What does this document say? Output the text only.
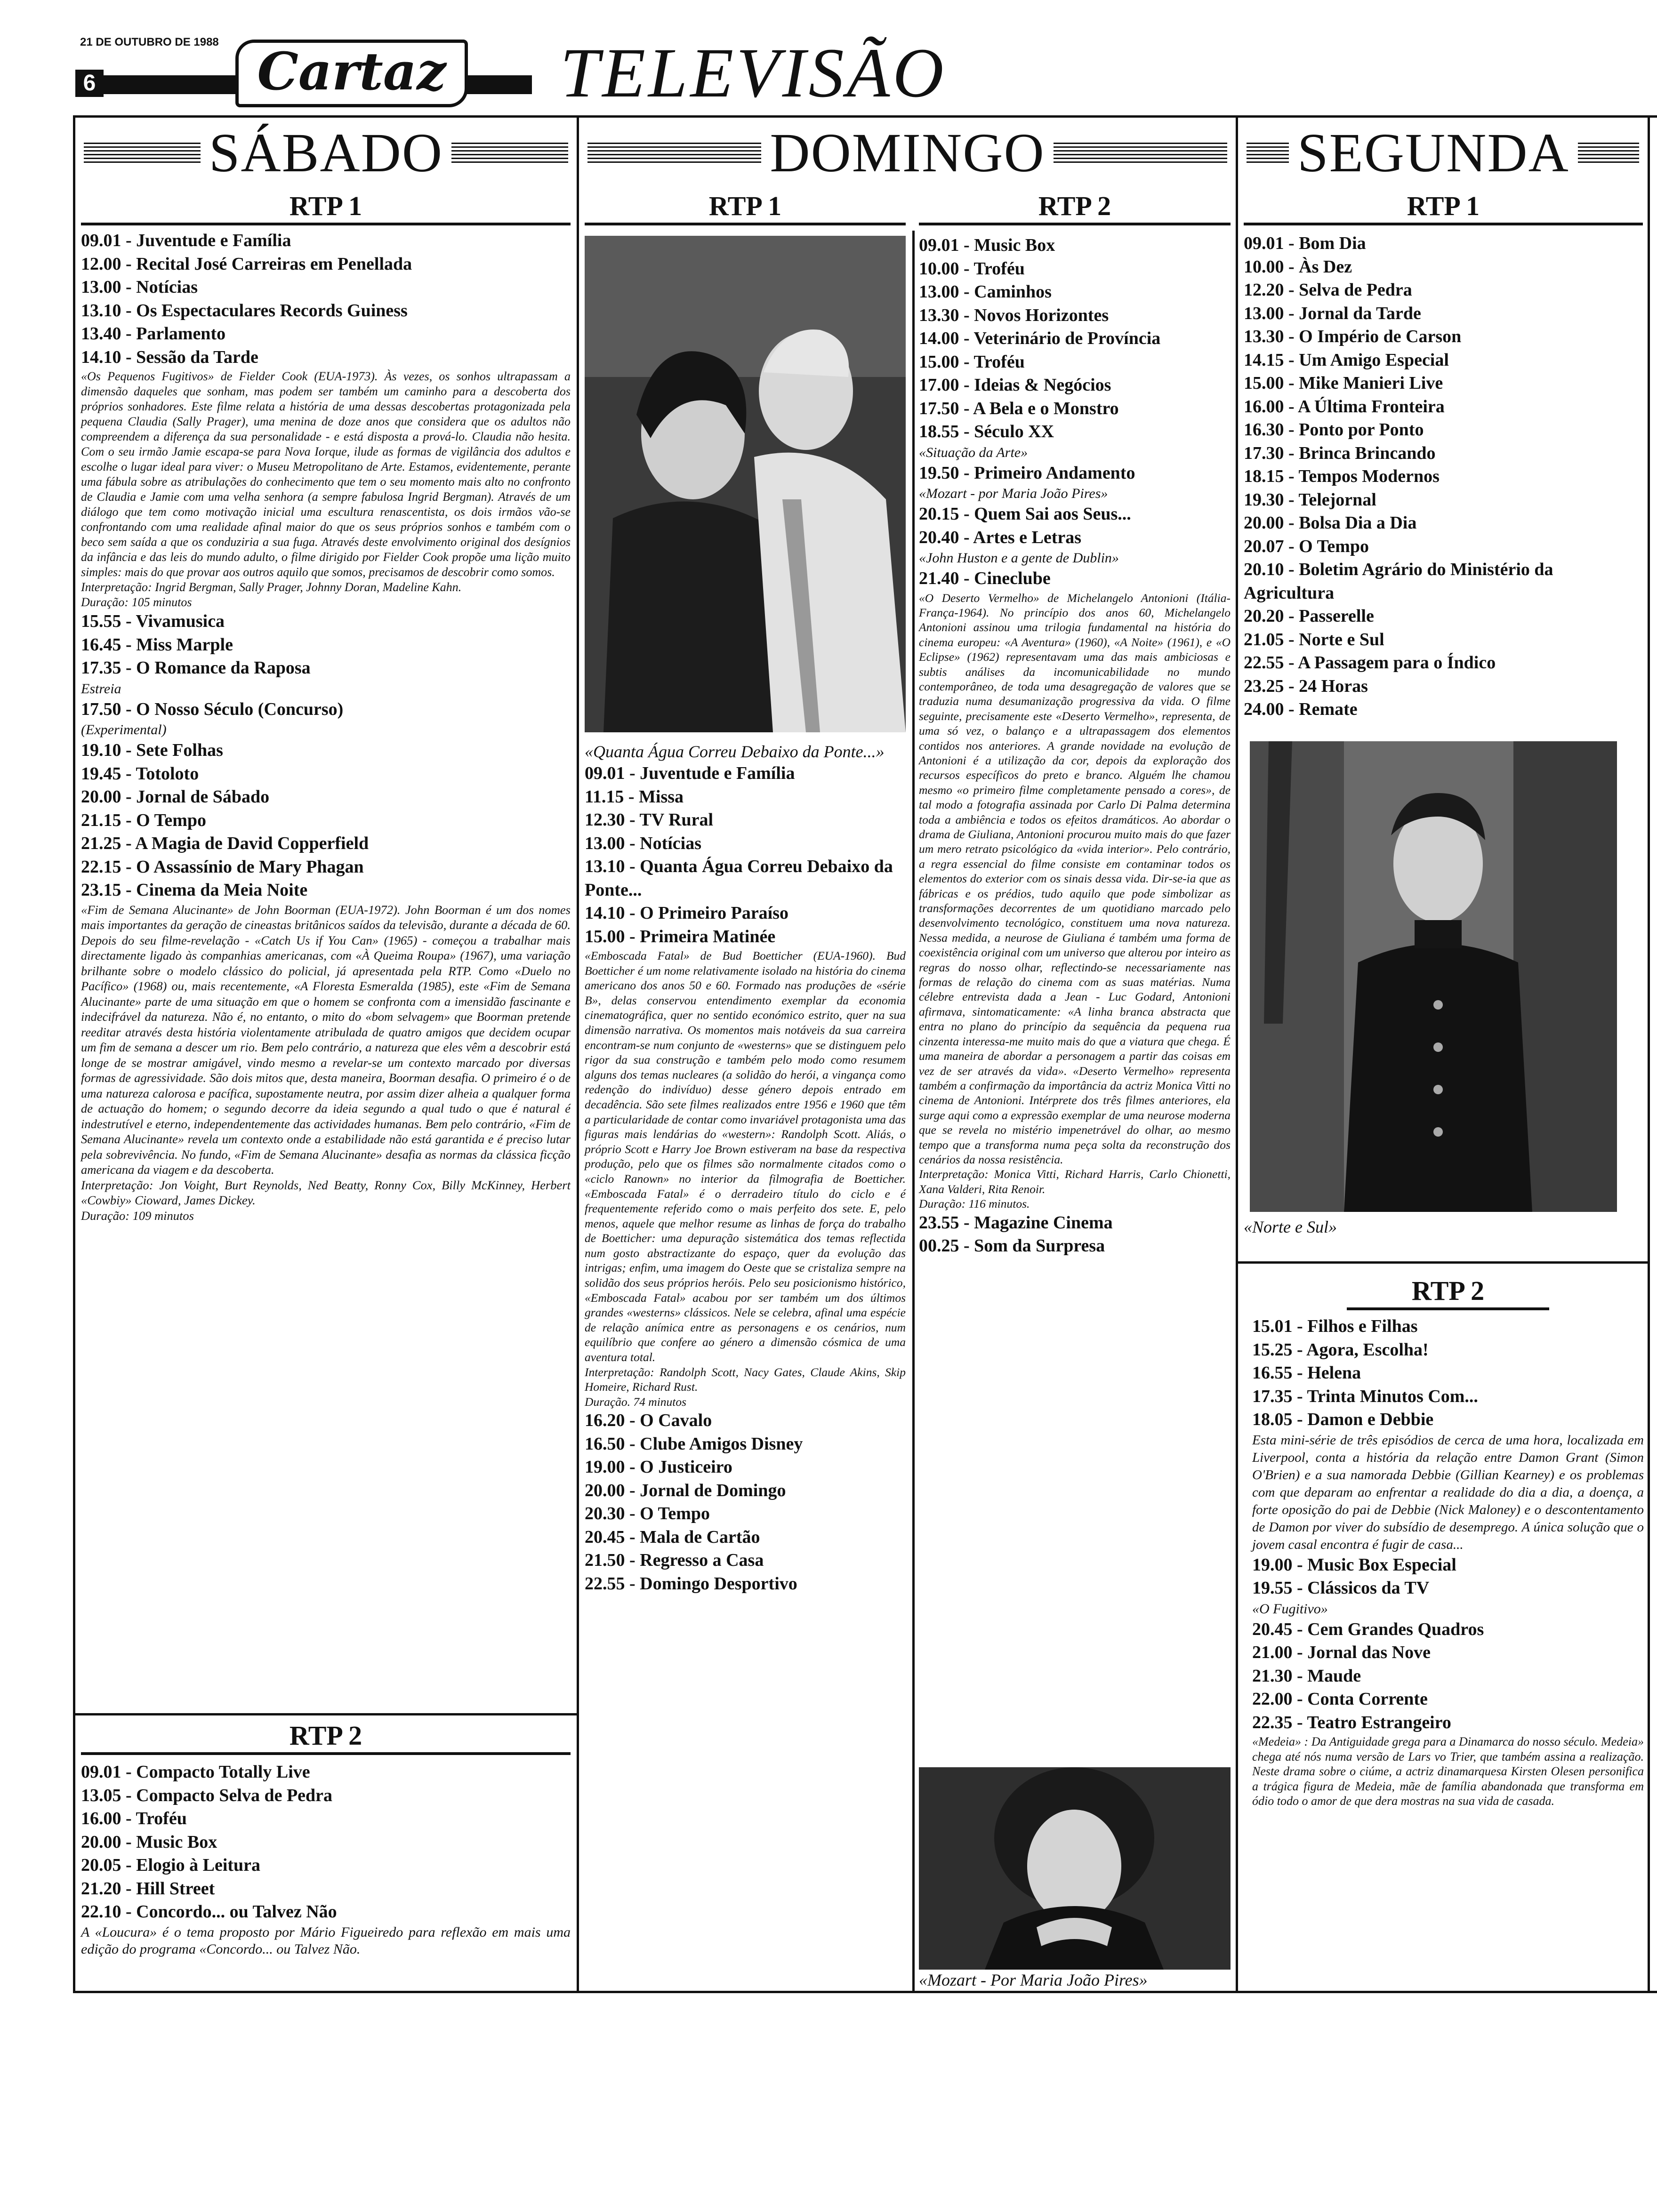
21 DE OUTUBRO DE 1988
6	Cartaz	TELEVISÃO
SÁBADO	DOMINGO	SEGUNDA
RTP 1
09.01 - Juventude e Família
12.00 - Recital José Carreiras em Penellada
13.00 - Notícias
13.10 - Os Espectaculares Records Guiness
13.40 - Parlamento
14.10 - Sessão da Tarde
«Os Pequenos Fugitivos» de Fielder Cook (EUA-1973). Às vezes, os sonhos ultrapassam a dimensão daqueles que sonham, mas podem ser também um caminho para a descoberta dos próprios sonhadores. Este filme relata a história de uma dessas descobertas protagonizada pela pequena Claudia (Sally Prager), uma menina de doze anos que considera que os adultos não compreendem a diferença da sua personalidade - e está disposta a prová-lo. Claudia não hesita. Com o seu irmão Jamie escapa-se para Nova Iorque, ilude as formas de vigilância dos adultos e escolhe o lugar ideal para viver: o Museu Metropolitano de Arte. Estamos, evidentemente, perante uma fábula sobre as atribulações do conhecimento que tem o seu momento mais alto no confronto de Claudia e Jamie com uma velha senhora (a sempre fabulosa Ingrid Bergman). Através de um diálogo que tem como motivação inicial uma escultura renascentista, os dois irmãos vão-se confrontando com uma realidade afinal maior do que os seus próprios sonhos e também com o beco sem saída a que os conduziria a sua fuga. Através deste envolvimento original dos desígnios da infância e das leis do mundo adulto, o filme dirigido por Fielder Cook propõe uma lição muito simples: mais do que provar aos outros aquilo que somos, precisamos de descobrir como somos.
Interpretação: Ingrid Bergman, Sally Prager, Johnny Doran, Madeline Kahn.
Duração: 105 minutos
15.55 - Vivamusica
16.45 - Miss Marple
17.35 - O Romance da Raposa
Estreia
17.50 - O Nosso Século (Concurso)
(Experimental)
19.10 - Sete Folhas
19.45 - Totoloto
20.00 - Jornal de Sábado
21.15 - O Tempo
21.25 - A Magia de David Copperfield
22.15 - O Assassínio de Mary Phagan
23.15 - Cinema da Meia Noite
«Fim de Semana Alucinante» de John Boorman (EUA-1972). John Boorman é um dos nomes mais importantes da geração de cineastas britânicos saídos da televisão, durante a década de 60. Depois do seu filme-revelação - «Catch Us if You Can» (1965) - começou a trabalhar mais directamente ligado às companhias americanas, com «À Queima Roupa» (1967), uma variação brilhante sobre o modelo clássico do policial, já apresentada pela RTP. Como «Duelo no Pacífico» (1968) ou, mais recentemente, «A Floresta Esmeralda (1985), este «Fim de Semana Alucinante» parte de uma situação em que o homem se confronta com a imensidão fascinante e indecifrável da natureza. Não é, no entanto, o mito do «bom selvagem» que Boorman pretende reeditar através desta história violentamente atribulada de quatro amigos que decidem ocupar um fim de semana a descer um rio. Bem pelo contrário, a natureza que eles vêm a descobrir está longe de se mostrar amigável, vindo mesmo a revelar-se um contexto marcado por diversas formas de agressividade. São dois mitos que, desta maneira, Boorman desafia. O primeiro é o de uma natureza calorosa e pacífica, supostamente neutra, por assim dizer alheia a qualquer forma de actuação do homem; o segundo decorre da ideia segundo a qual tudo o que é natural é indestrutível e eterno, independentemente das actividades humanas. Bem pelo contrário, «Fim de Semana Alucinante» revela um contexto onde a estabilidade não está garantida e é preciso lutar pela sobrevivência. No fundo, «Fim de Semana Alucinante» desafia as normas da clássica ficção americana da viagem e da descoberta.
Interpretação: Jon Voight, Burt Reynolds, Ned Beatty, Ronny Cox, Billy McKinney, Herbert «Cowbiy» Cioward, James Dickey.
Duração: 109 minutos
RTP 2
09.01 - Compacto Totally Live
13.05 - Compacto Selva de Pedra
16.00 - Troféu
20.00 - Music Box
20.05 - Elogio à Leitura
21.20 - Hill Street
22.10 - Concordo... ou Talvez Não
A «Loucura» é o tema proposto por Mário Figueiredo para reflexão em mais uma edição do programa «Concordo... ou Talvez Não.
RTP 1
«Quanta Água Correu Debaixo da Ponte...»
09.01 - Juventude e Família
11.15 - Missa
12.30 - TV Rural
13.00 - Notícias
13.10 - Quanta Água Correu Debaixo da Ponte...
14.10 - O Primeiro Paraíso
15.00 - Primeira Matinée
«Emboscada Fatal» de Bud Boetticher (EUA-1960). Bud Boetticher é um nome relativamente isolado na história do cinema americano dos anos 50 e 60. Formado nas produções de «série B», delas conservou entendimento exemplar da economia cinematográfica, quer no sentido económico estrito, quer na sua dimensão narrativa. Os momentos mais notáveis da sua carreira encontram-se num conjunto de «westerns» que se distinguem pelo rigor da sua construção e também pelo modo como resumem alguns dos temas nucleares (a solidão do herói, a vingança como redenção do indivíduo) desse género depois entrado em decadência. São sete filmes realizados entre 1956 e 1960 que têm a particularidade de contar como invariável protagonista uma das figuras mais lendárias do «western»: Randolph Scott. Aliás, o próprio Scott e Harry Joe Brown estiveram na base da respectiva produção, pelo que os filmes são normalmente citados como o «ciclo Ranown» no interior da filmografia de Boetticher. «Emboscada Fatal» é o derradeiro título do ciclo e é frequentemente referido como o mais perfeito dos sete. E, pelo menos, aquele que melhor resume as linhas de força do trabalho de Boetticher: uma depuração sistemática dos temas reflectida num gosto abstractizante do espaço, quer da evolução das intrigas; enfim, uma imagem do Oeste que se cristaliza sempre na solidão dos seus próprios heróis. Pelo seu posicionismo histórico, «Emboscada Fatal» acabou por ser também um dos últimos grandes «westerns» clássicos. Nele se celebra, afinal uma espécie de relação anímica entre as personagens e os cenários, num equilíbrio que confere ao género a dimensão cósmica de uma aventura total.
Interpretação: Randolph Scott, Nacy Gates, Claude Akins, Skip Homeire, Richard Rust.
Duração. 74 minutos
16.20 - O Cavalo
16.50 - Clube Amigos Disney
19.00 - O Justiceiro
20.00 - Jornal de Domingo
20.30 - O Tempo
20.45 - Mala de Cartão
21.50 - Regresso a Casa
22.55 - Domingo Desportivo
RTP 2
09.01 - Music Box
10.00 - Troféu
13.00 - Caminhos
13.30 - Novos Horizontes
14.00 - Veterinário de Província
15.00 - Troféu
17.00 - Ideias & Negócios
17.50 - A Bela e o Monstro
18.55 - Século XX
«Situação da Arte»
19.50 - Primeiro Andamento
«Mozart - por Maria João Pires»
20.15 - Quem Sai aos Seus...
20.40 - Artes e Letras
«John Huston e a gente de Dublin»
21.40 - Cineclube
«O Deserto Vermelho» de Michelangelo Antonioni (Itália- França-1964). No princípio dos anos 60, Michelangelo Antonioni assinou uma trilogia fundamental na história do cinema europeu: «A Aventura» (1960), «A Noite» (1961), e «O Eclipse» (1962) representavam uma das mais ambiciosas e subtis análises da incomunicabilidade no mundo contemporâneo, de toda uma desagregação de valores que se traduzia numa desumanização progressiva da vida. O filme seguinte, precisamente este «Deserto Vermelho», representa, de uma só vez, o balanço e a ultrapassagem dos elementos contidos nos anteriores. A grande novidade na evolução de Antonioni é a utilização da cor, depois da exploração dos recursos específicos do preto e branco. Alguém lhe chamou mesmo «o primeiro filme completamente pensado a cores», de tal modo a fotografia assinada por Carlo Di Palma determina toda a ambiência e todos os efeitos dramáticos. Ao abordar o drama de Giuliana, Antonioni procurou muito mais do que fazer um mero retrato psicológico da «vida interior». Pelo contrário, a regra essencial do filme consiste em contaminar todos os elementos do exterior com os sinais dessa vida. Dir-se-ia que as fábricas e os prédios, tudo aquilo que pode simbolizar as transformações decorrentes de um quotidiano marcado pelo desenvolvimento tecnológico, constituem uma nova natureza. Nessa medida, a neurose de Giuliana é também uma forma de coexistência original com um universo que alterou por inteiro as regras do nosso olhar, reflectindo-se necessariamente nas formas de relação do cinema com as suas matérias. Numa célebre entrevista dada a Jean - Luc Godard, Antonioni afirmava, sintomaticamente: «A linha branca abstracta que entra no plano do princípio da sequência da pequena rua cinzenta interessa-me muito mais do que a viatura que chega. É uma maneira de abordar a personagem a partir das coisas em vez de ser através da vida». «Deserto Vermelho» representa também a confirmação da importância da actriz Monica Vitti no cinema de Antonioni. Intérprete dos três filmes anteriores, ela surge aqui como a expressão exemplar de uma neurose moderna que se revela no mistério impenetrável do olhar, ao mesmo tempo que a transforma numa peça solta da reconstrução dos cenários da nossa resistência.
Interpretação: Monica Vitti, Richard Harris, Carlo Chionetti, Xana Valderi, Rita Renoir.
Duração: 116 minutos.
23.55 - Magazine Cinema
00.25 - Som da Surpresa
«Mozart - Por Maria João Pires»
RTP 1
09.01 - Bom Dia
10.00 - Às Dez
12.20 - Selva de Pedra
13.00 - Jornal da Tarde
13.30 - O Império de Carson
14.15 - Um Amigo Especial
15.00 - Mike Manieri Live
16.00 - A Última Fronteira
16.30 - Ponto por Ponto
17.30 - Brinca Brincando
18.15 - Tempos Modernos
19.30 - Telejornal
20.00 - Bolsa Dia a Dia
20.07 - O Tempo
20.10 - Boletim Agrário do Ministério da Agricultura
20.20 - Passerelle
21.05 - Norte e Sul
22.55 - A Passagem para o Índico
23.25 - 24 Horas
24.00 - Remate
«Norte e Sul»
RTP 2
15.01 - Filhos e Filhas
15.25 - Agora, Escolha!
16.55 - Helena
17.35 - Trinta Minutos Com...
18.05 - Damon e Debbie
Esta mini-série de três episódios de cerca de uma hora, localizada em Liverpool, conta a história da relação entre Damon Grant (Simon O'Brien) e a sua namorada Debbie (Gillian Kearney) e os problemas com que deparam ao enfrentar a realidade do dia a dia, a doença, a forte oposição do pai de Debbie (Nick Maloney) e o descontentamento de Damon por viver do subsídio de desemprego. A única solução que o jovem casal encontra é fugir de casa...
19.00 - Music Box Especial
19.55 - Clássicos da TV
«O Fugitivo»
20.45 - Cem Grandes Quadros
21.00 - Jornal das Nove
21.30 - Maude
22.00 - Conta Corrente
22.35 - Teatro Estrangeiro
«Medeia» : Da Antiguidade grega para a Dinamarca do nosso século. Medeia» chega até nós numa versão de Lars vo Trier, que também assina a realização. Neste drama sobre o ciúme, a actriz dinamarquesa Kirsten Olesen personifica a trágica figura de Medeia, mãe de família abandonada que transforma em ódio todo o amor de que dera mostras na sua vida de casada.
